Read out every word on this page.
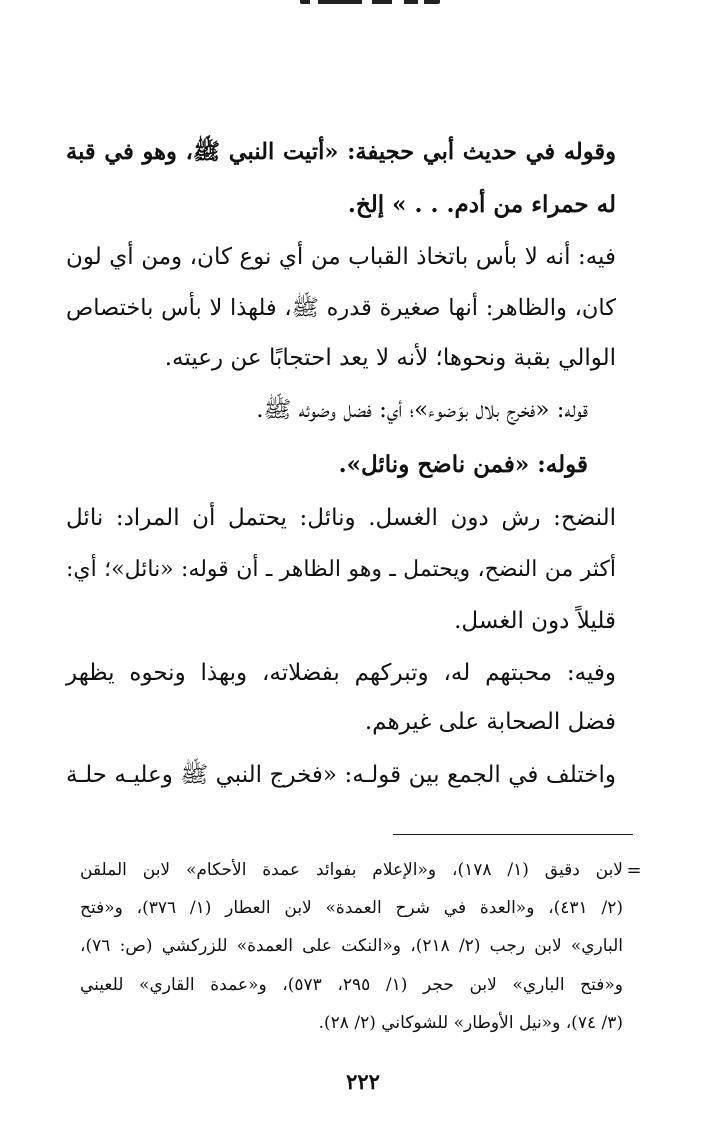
وقوله في حديث أبي حجيفة: «أتيت النبي ﷺ، وهو في قبة
له حمراء من أدم. . . » إلخ.
فيه: أنه لا بأس باتخاذ القباب من أي نوع كان، ومن أي لون
كان، والظاهر: أنها صغيرة قدره ﷺ، فلهذا لا بأس باختصاص
الوالي بقبة ونحوها؛ لأنه لا يعد احتجابًا عن رعيته.
قوله: «فخرج بلال بوَضوء»؛ أي: فضل وضوئه ﷺ.
قوله: «فمن ناضح ونائل».
النضح: رش دون الغسل. ونائل: يحتمل أن المراد: نائل
أكثر من النضح، ويحتمل ـ وهو الظاهر ـ أن قوله: «نائل»؛ أي:
قليلاً دون الغسل.
وفيه: محبتهم له، وتبركهم بفضلاته، وبهذا ونحوه يظهر
فضل الصحابة على غيرهم.
واختلف في الجمع بين قولـه: «فخرج النبي ﷺ وعليـه حلـة
=
لابن دقيق (١/ ١٧٨)، و«الإعلام بفوائد عمدة الأحكام» لابن الملقن
(٢/ ٤٣١)، و«العدة في شرح العمدة» لابن العطار (١/ ٣٧٦)، و«فتح
الباري» لابن رجب (٢/ ٢١٨)، و«النكت على العمدة» للزركشي (ص: ٧٦)،
و«فتح الباري» لابن حجر (١/ ٢٩٥، ٥٧٣)، و«عمدة القاري» للعيني
(٣/ ٧٤)، و«نيل الأوطار» للشوكاني (٢/ ٢٨).
٢٢٢
